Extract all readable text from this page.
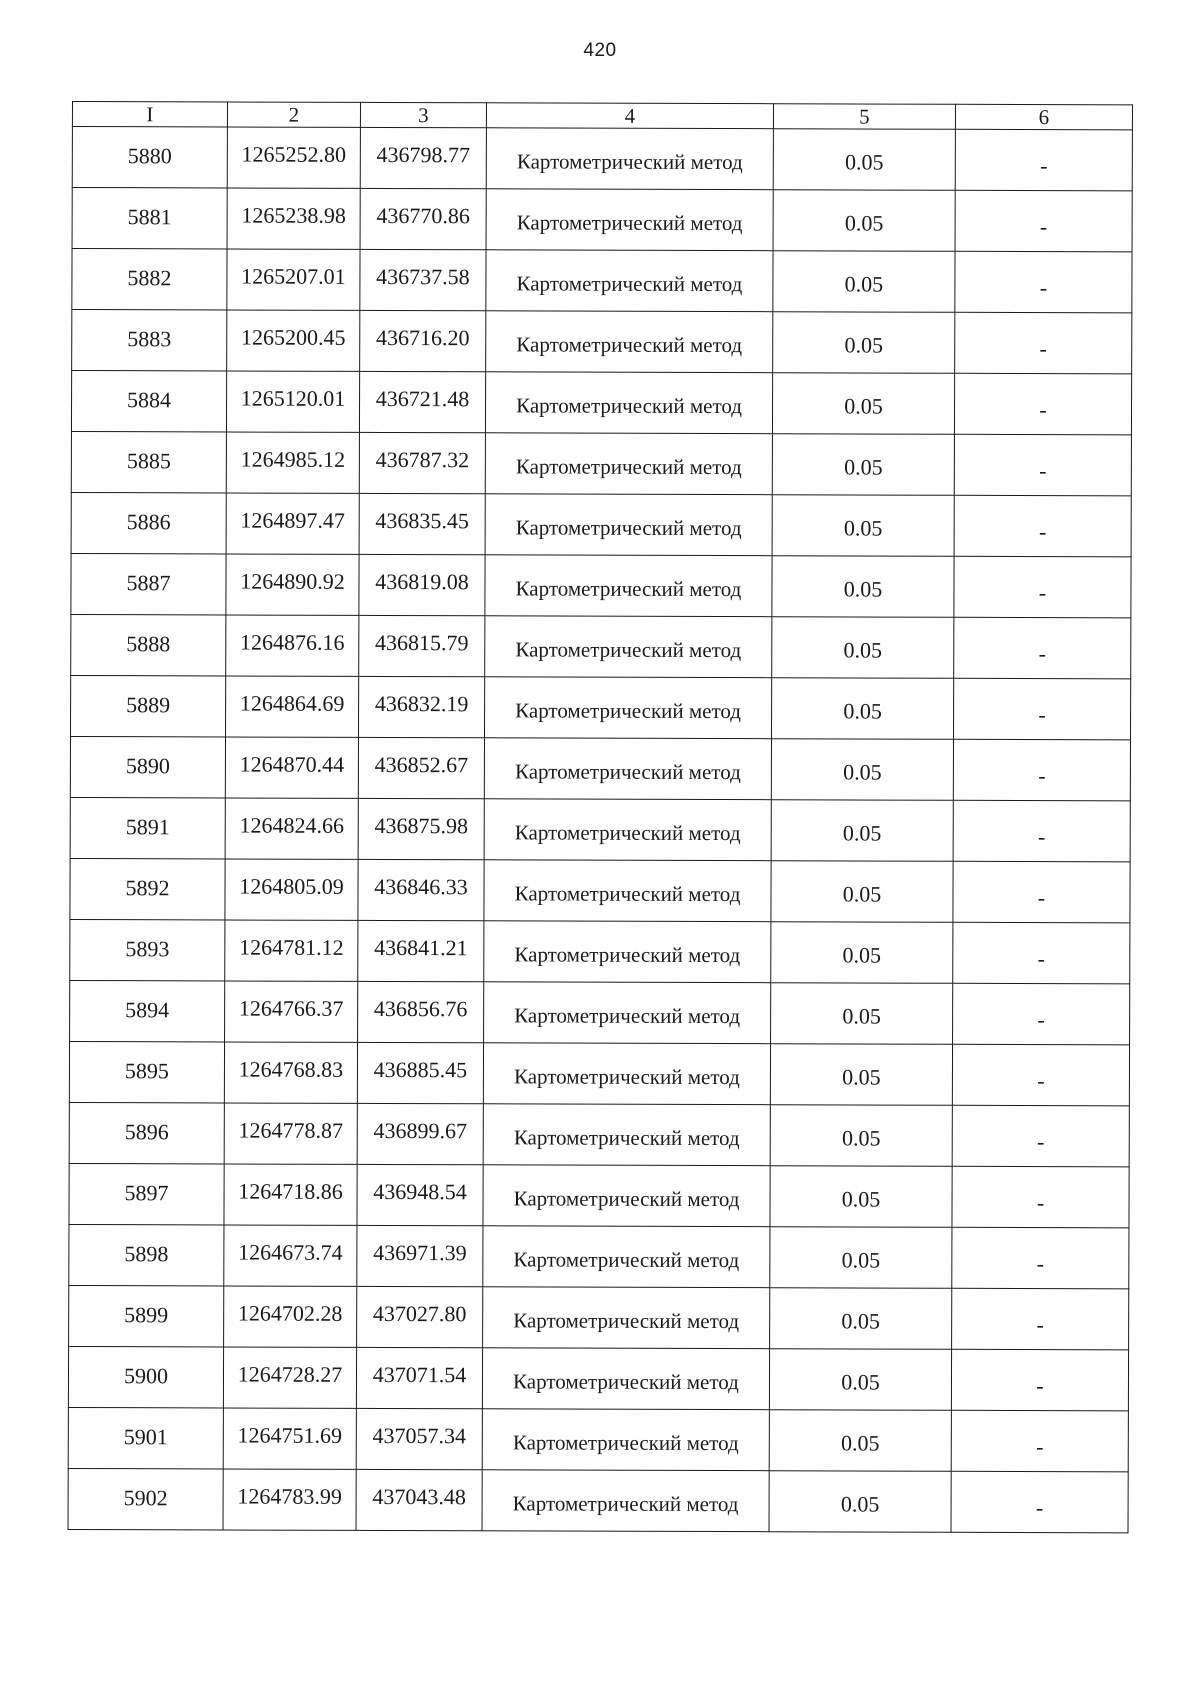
420
I	2	3	4	5	6
5880	1265252.80	436798.77	Картометрический метод	0.05	-
5881	1265238.98	436770.86	Картометрический метод	0.05	-
5882	1265207.01	436737.58	Картометрический метод	0.05	-
5883	1265200.45	436716.20	Картометрический метод	0.05	-
5884	1265120.01	436721.48	Картометрический метод	0.05	-
5885	1264985.12	436787.32	Картометрический метод	0.05	-
5886	1264897.47	436835.45	Картометрический метод	0.05	-
5887	1264890.92	436819.08	Картометрический метод	0.05	-
5888	1264876.16	436815.79	Картометрический метод	0.05	-
5889	1264864.69	436832.19	Картометрический метод	0.05	-
5890	1264870.44	436852.67	Картометрический метод	0.05	-
5891	1264824.66	436875.98	Картометрический метод	0.05	-
5892	1264805.09	436846.33	Картометрический метод	0.05	-
5893	1264781.12	436841.21	Картометрический метод	0.05	-
5894	1264766.37	436856.76	Картометрический метод	0.05	-
5895	1264768.83	436885.45	Картометрический метод	0.05	-
5896	1264778.87	436899.67	Картометрический метод	0.05	-
5897	1264718.86	436948.54	Картометрический метод	0.05	-
5898	1264673.74	436971.39	Картометрический метод	0.05	-
5899	1264702.28	437027.80	Картометрический метод	0.05	-
5900	1264728.27	437071.54	Картометрический метод	0.05	-
5901	1264751.69	437057.34	Картометрический метод	0.05	-
5902	1264783.99	437043.48	Картометрический метод	0.05	-
